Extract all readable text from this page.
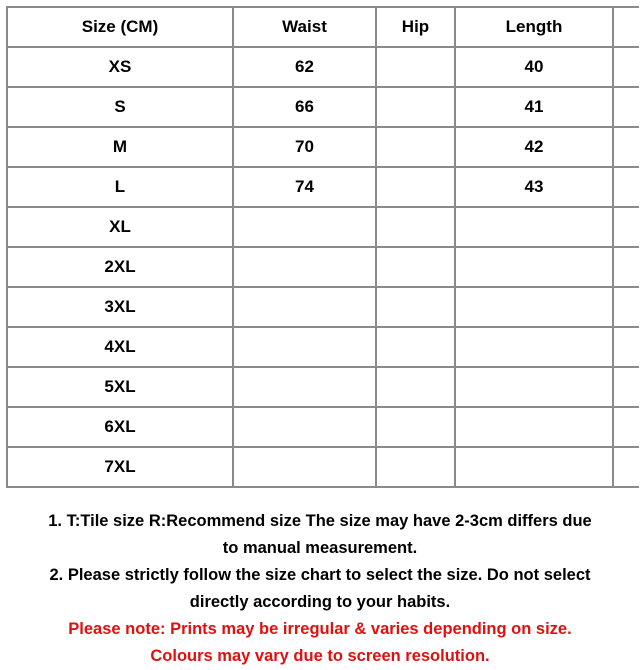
Size (CM)	Waist	Hip	Length	
XS	62		40	
S	66		41	
M	70		42	
L	74		43	
XL				
2XL				
3XL				
4XL				
5XL				
6XL				
7XL				

1. T:Tile size R:Recommend size The size may have 2-3cm differs due

to manual measurement.

2. Please strictly follow the size chart to select the size. Do not select

directly according to your habits.

Please note: Prints may be irregular & varies depending on size.

Colours may vary due to screen resolution.
